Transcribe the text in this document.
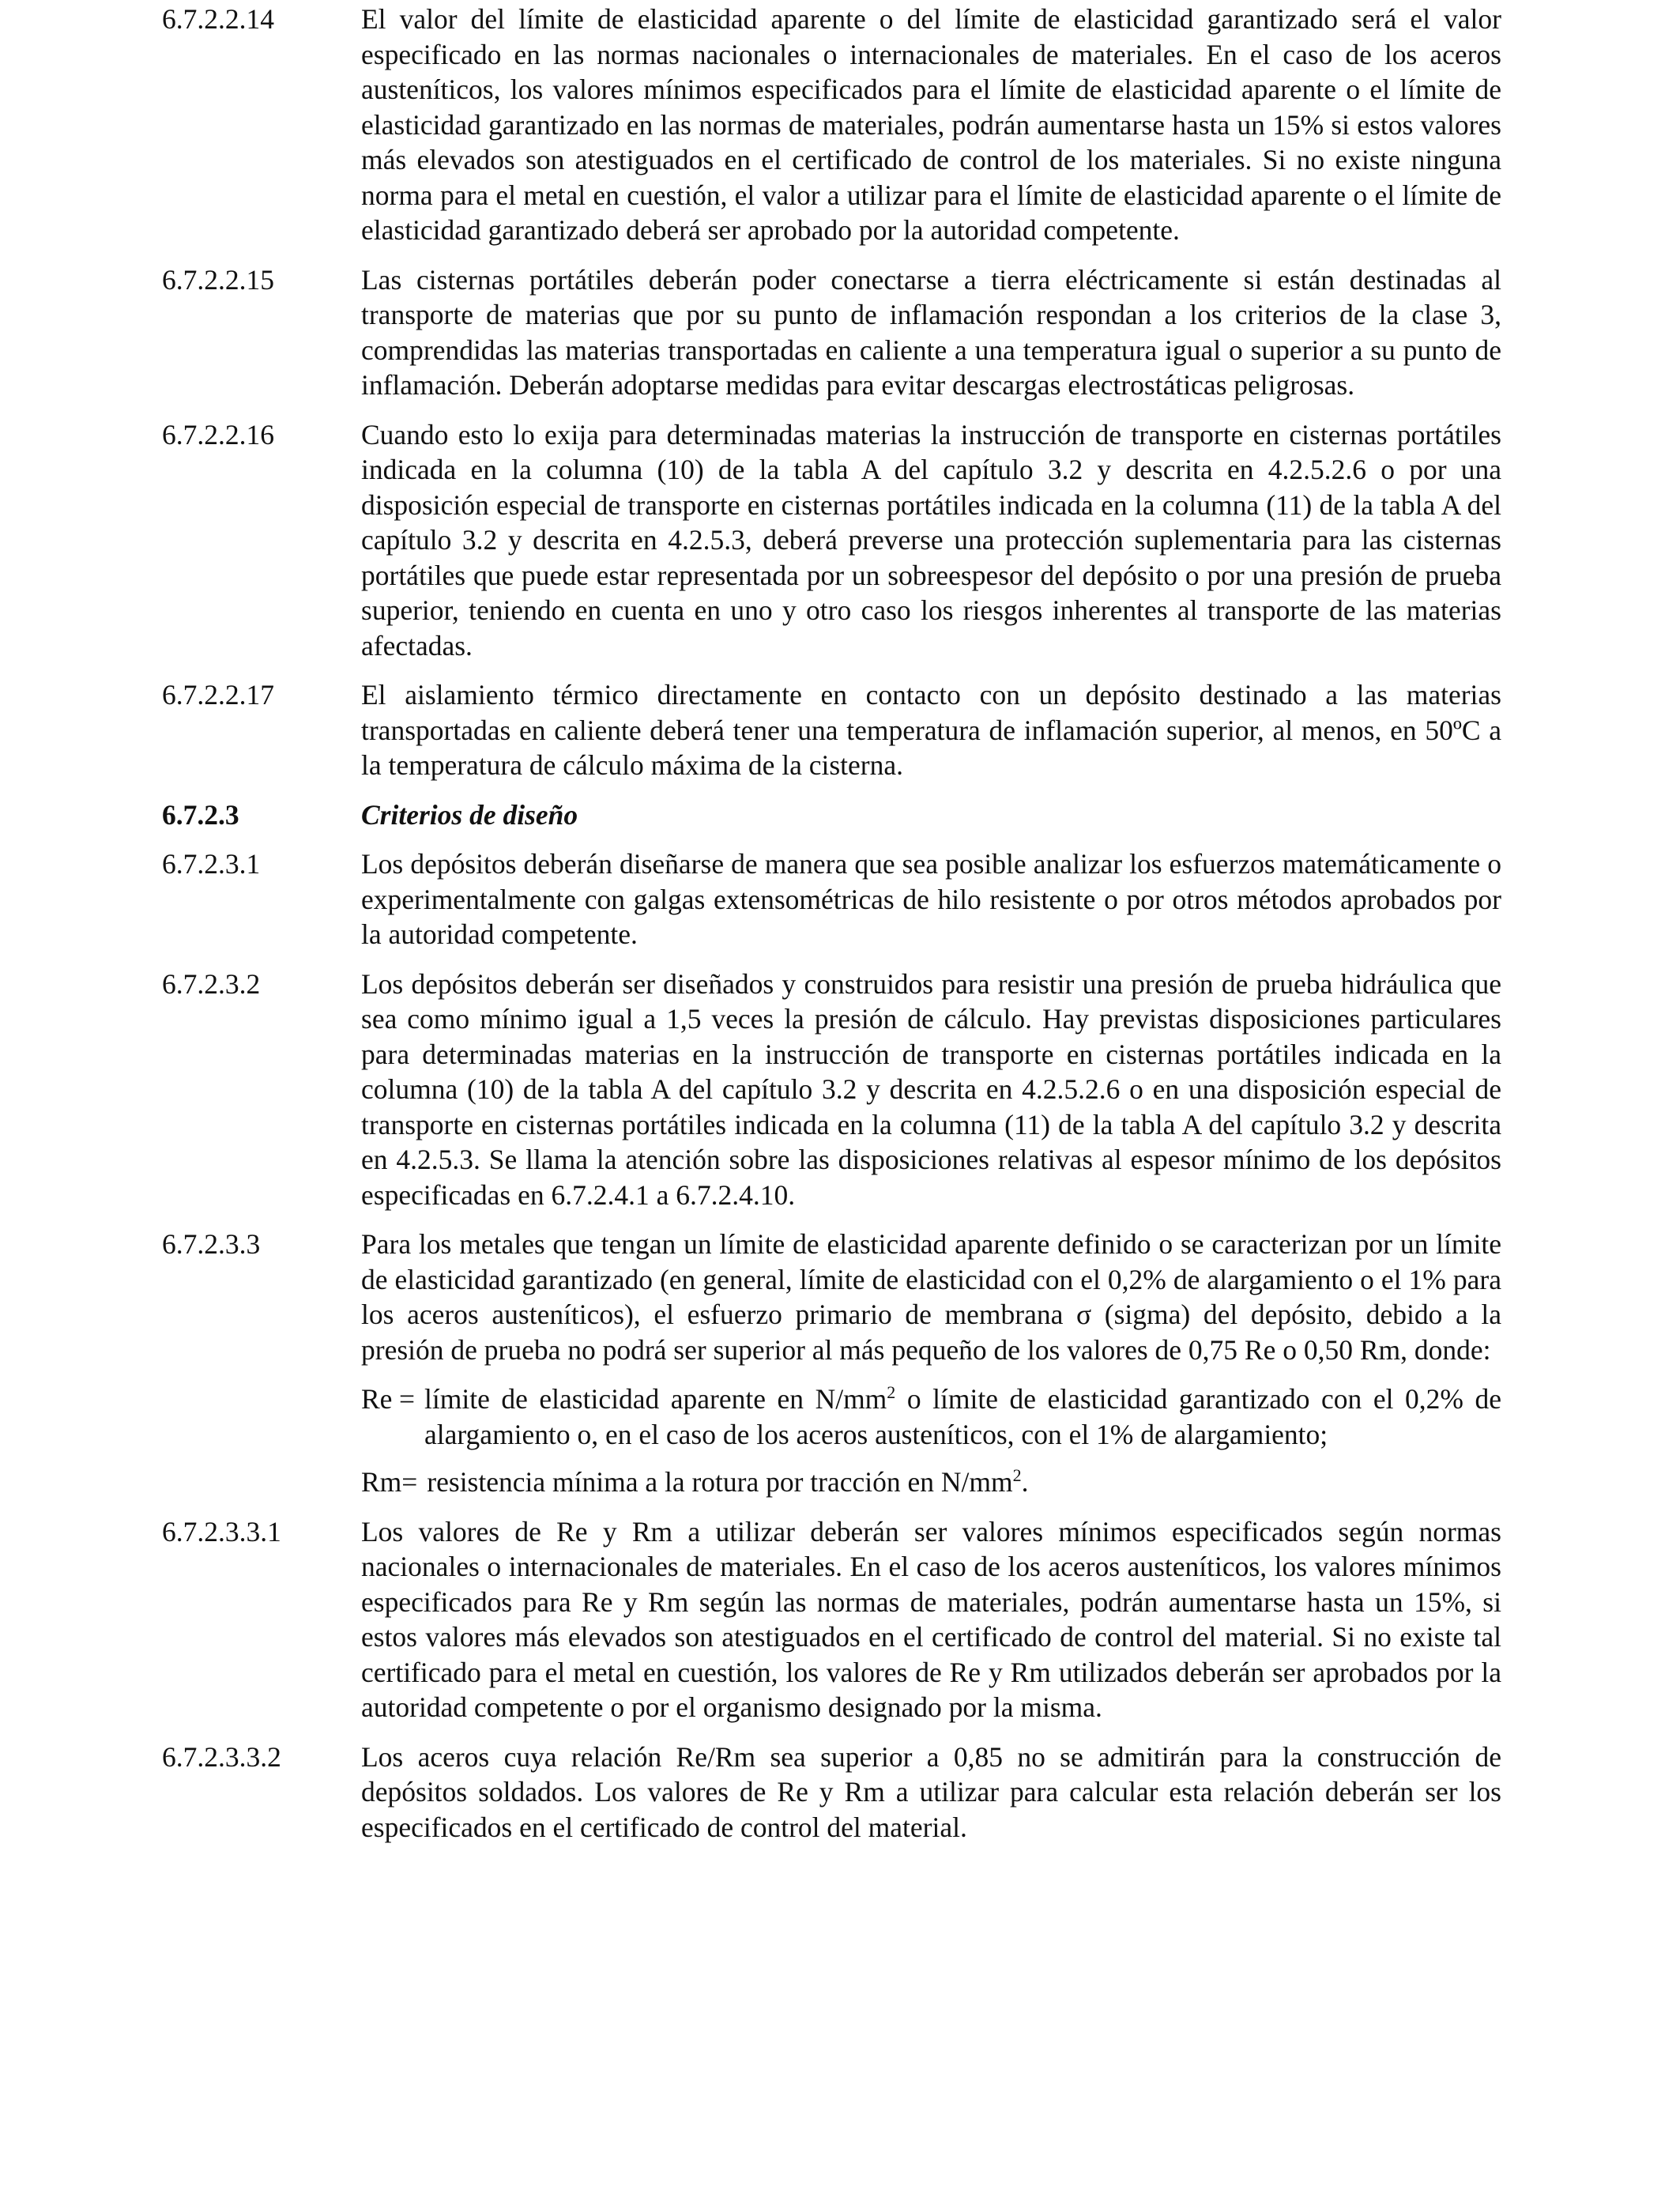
6.7.2.2.14	El valor del límite de elasticidad aparente o del límite de elasticidad garantizado será el valor especificado en las normas nacionales o internacionales de materiales. En el caso de los aceros austeníticos, los valores mínimos especificados para el límite de elasticidad aparente o el límite de elasticidad garantizado en las normas de materiales, podrán aumentarse hasta un 15% si estos valores más elevados son atestiguados en el certificado de control de los materiales. Si no existe ninguna norma para el metal en cuestión, el valor a utilizar para el límite de elasticidad aparente o el límite de elasticidad garantizado deberá ser aprobado por la autoridad competente.
6.7.2.2.15	Las cisternas portátiles deberán poder conectarse a tierra eléctricamente si están destinadas al transporte de materias que por su punto de inflamación respondan a los criterios de la clase 3, comprendidas las materias transportadas en caliente a una temperatura igual o superior a su punto de inflamación. Deberán adoptarse medidas para evitar descargas electrostáticas peligrosas.
6.7.2.2.16	Cuando esto lo exija para determinadas materias la instrucción de transporte en cisternas portátiles indicada en la columna (10) de la tabla A del capítulo 3.2 y descrita en 4.2.5.2.6 o por una disposición especial de transporte en cisternas portátiles indicada en la columna (11) de la tabla A del capítulo 3.2 y descrita en 4.2.5.3, deberá preverse una protección suplementaria para las cisternas portátiles que puede estar representada por un sobreespesor del depósito o por una presión de prueba superior, teniendo en cuenta en uno y otro caso los riesgos inherentes al transporte de las materias afectadas.
6.7.2.2.17	El aislamiento térmico directamente en contacto con un depósito destinado a las materias transportadas en caliente deberá tener una temperatura de inflamación superior, al menos, en 50ºC a la temperatura de cálculo máxima de la cisterna.
6.7.2.3	Criterios de diseño
6.7.2.3.1	Los depósitos deberán diseñarse de manera que sea posible analizar los esfuerzos matemáticamente o experimentalmente con galgas extensométricas de hilo resistente o por otros métodos aprobados por la autoridad competente.
6.7.2.3.2	Los depósitos deberán ser diseñados y construidos para resistir una presión de prueba hidráulica que sea como mínimo igual a 1,5 veces la presión de cálculo. Hay previstas disposiciones particulares para determinadas materias en la instrucción de transporte en cisternas portátiles indicada en la columna (10) de la tabla A del capítulo 3.2 y descrita en 4.2.5.2.6 o en una disposición especial de transporte en cisternas portátiles indicada en la columna (11) de la tabla A del capítulo 3.2 y descrita en 4.2.5.3. Se llama la atención sobre las disposiciones relativas al espesor mínimo de los depósitos especificadas en 6.7.2.4.1 a 6.7.2.4.10.
6.7.2.3.3	Para los metales que tengan un límite de elasticidad aparente definido o se caracterizan por un límite de elasticidad garantizado (en general, límite de elasticidad con el 0,2% de alargamiento o el 1% para los aceros austeníticos), el esfuerzo primario de membrana σ (sigma) del depósito, debido a la presión de prueba no podrá ser superior al más pequeño de los valores de 0,75 Re o 0,50 Rm, donde:
Re = límite de elasticidad aparente en $N/mm^2$ o límite de elasticidad garantizado con el 0,2% de alargamiento o, en el caso de los aceros austeníticos, con el 1% de alargamiento;
Rm = resistencia mínima a la rotura por tracción en $N/mm^2$.
6.7.2.3.3.1	Los valores de Re y Rm a utilizar deberán ser valores mínimos especificados según normas nacionales o internacionales de materiales. En el caso de los aceros austeníticos, los valores mínimos especificados para Re y Rm según las normas de materiales, podrán aumentarse hasta un 15%, si estos valores más elevados son atestiguados en el certificado de control del material. Si no existe tal certificado para el metal en cuestión, los valores de Re y Rm utilizados deberán ser aprobados por la autoridad competente o por el organismo designado por la misma.
6.7.2.3.3.2	Los aceros cuya relación Re/Rm sea superior a 0,85 no se admitirán para la construcción de depósitos soldados. Los valores de Re y Rm a utilizar para calcular esta relación deberán ser los especificados en el certificado de control del material.
